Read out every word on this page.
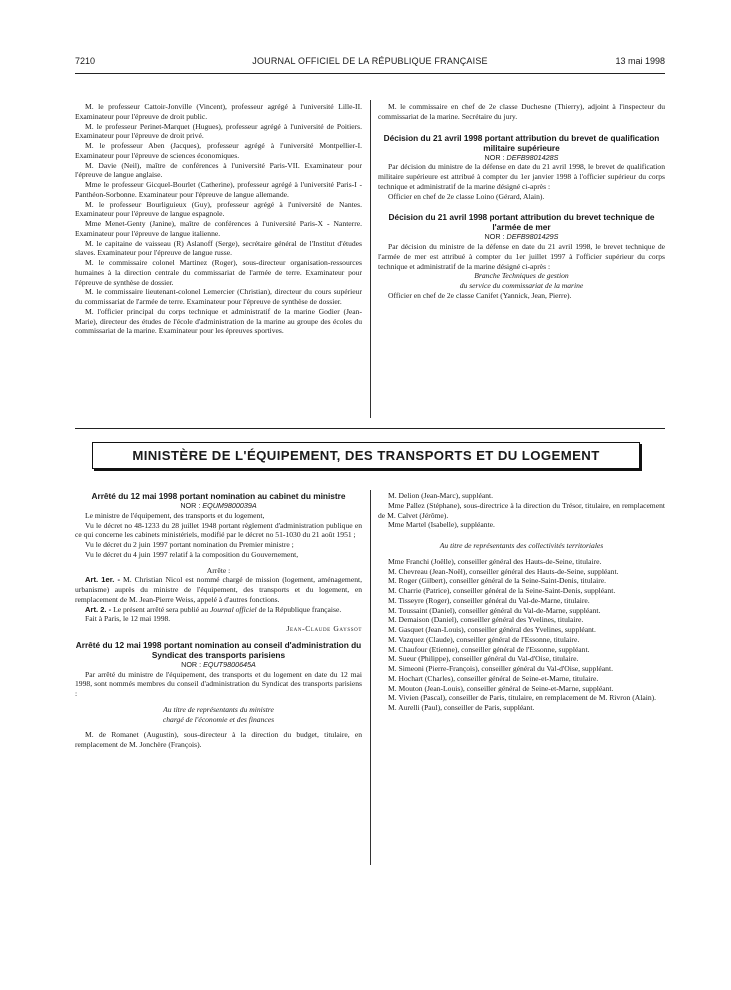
7210	JOURNAL OFFICIEL DE LA RÉPUBLIQUE FRANÇAISE	13 mai 1998

M. le professeur Cattoir-Jonville (Vincent), professeur agrégé à l'université Lille-II. Examinateur pour l'épreuve de droit public.

M. le professeur Perinet-Marquet (Hugues), professeur agrégé à l'université de Poitiers. Examinateur pour l'épreuve de droit privé.

M. le professeur Aben (Jacques), professeur agrégé à l'université Montpellier-I. Examinateur pour l'épreuve de sciences économiques.

M. Davie (Neil), maître de conférences à l'université Paris-VII. Examinateur pour l'épreuve de langue anglaise.

Mme le professeur Gicquel-Bourlet (Catherine), professeur agrégé à l'université Paris-I - Panthéon-Sorbonne. Examinateur pour l'épreuve de langue allemande.

M. le professeur Bourliguieux (Guy), professeur agrégé à l'université de Nantes. Examinateur pour l'épreuve de langue espagnole.

Mme Menet-Genty (Janine), maître de conférences à l'université Paris-X - Nanterre. Examinateur pour l'épreuve de langue italienne.

M. le capitaine de vaisseau (R) Aslanoff (Serge), secrétaire général de l'Institut d'études slaves. Examinateur pour l'épreuve de langue russe.

M. le commissaire colonel Martinez (Roger), sous-directeur organisation-ressources humaines à la direction centrale du commissariat de l'armée de terre. Examinateur pour l'épreuve de synthèse de dossier.

M. le commissaire lieutenant-colonel Lemercier (Christian), directeur du cours supérieur du commissariat de l'armée de terre. Examinateur pour l'épreuve de synthèse de dossier.

M. l'officier principal du corps technique et administratif de la marine Godier (Jean-Marie), directeur des études de l'école d'administration de la marine au groupe des écoles du commissariat de la marine. Examinateur pour les épreuves sportives.

M. le commissaire en chef de 2e classe Duchesne (Thierry), adjoint à l'inspecteur du commissariat de la marine. Secrétaire du jury.

Décision du 21 avril 1998 portant attribution du brevet de qualification militaire supérieure

NOR : DEFB9801428S

Par décision du ministre de la défense en date du 21 avril 1998, le brevet de qualification militaire supérieure est attribué à compter du 1er janvier 1998 à l'officier supérieur du corps technique et administratif de la marine désigné ci-après :

Officier en chef de 2e classe Loino (Gérard, Alain).

Décision du 21 avril 1998 portant attribution du brevet technique de l'armée de mer

NOR : DEFB9801429S

Par décision du ministre de la défense en date du 21 avril 1998, le brevet technique de l'armée de mer est attribué à compter du 1er juillet 1997 à l'officier supérieur du corps technique et administratif de la marine désigné ci-après :

Branche Techniques de gestion

du service du commissariat de la marine

Officier en chef de 2e classe Canifet (Yannick, Jean, Pierre).

MINISTÈRE DE L'ÉQUIPEMENT, DES TRANSPORTS ET DU LOGEMENT

Arrêté du 12 mai 1998 portant nomination au cabinet du ministre

NOR : EQUM9800039A

Le ministre de l'équipement, des transports et du logement,

Vu le décret no 48-1233 du 28 juillet 1948 portant règlement d'administration publique en ce qui concerne les cabinets ministériels, modifié par le décret no 51-1030 du 21 août 1951 ;

Vu le décret du 2 juin 1997 portant nomination du Premier ministre ;

Vu le décret du 4 juin 1997 relatif à la composition du Gouvernement,

Arrête :

Art. 1er. - M. Christian Nicol est nommé chargé de mission (logement, aménagement, urbanisme) auprès du ministre de l'équipement, des transports et du logement, en remplacement de M. Jean-Pierre Weiss, appelé à d'autres fonctions.

Art. 2. - Le présent arrêté sera publié au Journal officiel de la République française.

Fait à Paris, le 12 mai 1998.

Jean-Claude Gayssot

Arrêté du 12 mai 1998 portant nomination au conseil d'administration du Syndicat des transports parisiens

NOR : EQUT9800645A

Par arrêté du ministre de l'équipement, des transports et du logement en date du 12 mai 1998, sont nommés membres du conseil d'administration du Syndicat des transports parisiens :

Au titre de représentants du ministre

chargé de l'économie et des finances

M. de Romanet (Augustin), sous-directeur à la direction du budget, titulaire, en remplacement de M. Jonchère (François).

M. Delion (Jean-Marc), suppléant.

Mme Pallez (Stéphane), sous-directrice à la direction du Trésor, titulaire, en remplacement de M. Calvet (Jérôme).

Mme Martel (Isabelle), suppléante.

Au titre de représentants des collectivités territoriales

Mme Franchi (Joëlle), conseiller général des Hauts-de-Seine, titulaire.

M. Chevreau (Jean-Noël), conseiller général des Hauts-de-Seine, suppléant.

M. Roger (Gilbert), conseiller général de la Seine-Saint-Denis, titulaire.

M. Charrie (Patrice), conseiller général de la Seine-Saint-Denis, suppléant.

M. Tisseyre (Roger), conseiller général du Val-de-Marne, titulaire.

M. Toussaint (Daniel), conseiller général du Val-de-Marne, suppléant.

M. Demaison (Daniel), conseiller général des Yvelines, titulaire.

M. Gasquet (Jean-Louis), conseiller général des Yvelines, suppléant.

M. Vazquez (Claude), conseiller général de l'Essonne, titulaire.

M. Chaufour (Etienne), conseiller général de l'Essonne, suppléant.

M. Sueur (Philippe), conseiller général du Val-d'Oise, titulaire.

M. Simeoni (Pierre-François), conseiller général du Val-d'Oise, suppléant.

M. Hochart (Charles), conseiller général de Seine-et-Marne, titulaire.

M. Mouton (Jean-Louis), conseiller général de Seine-et-Marne, suppléant.

M. Vivien (Pascal), conseiller de Paris, titulaire, en remplacement de M. Rivron (Alain).

M. Aurelli (Paul), conseiller de Paris, suppléant.
